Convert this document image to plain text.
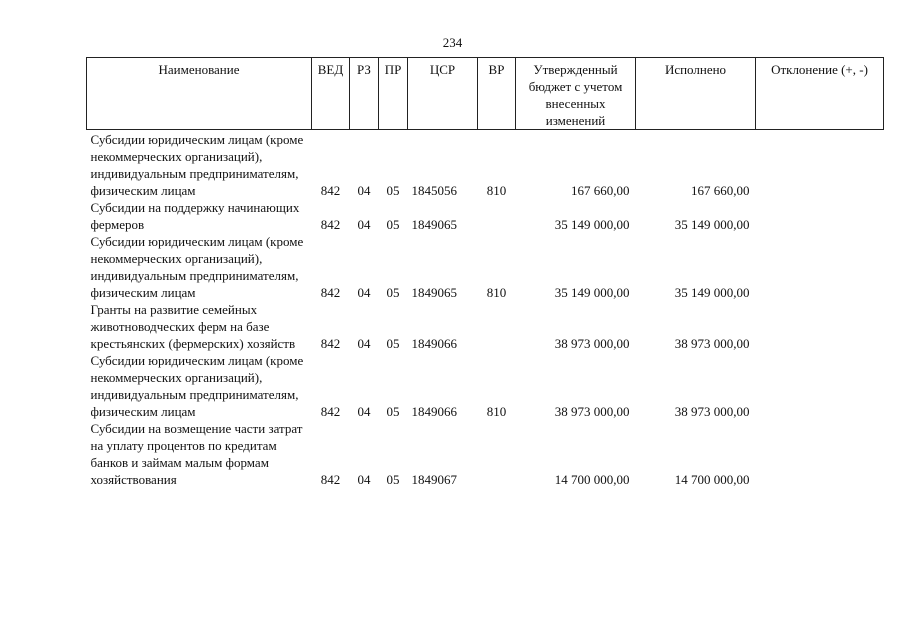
234
Наименование	ВЕД	РЗ	ПР	ЦСР	ВР	Утвержденный бюджет с учетом внесенных изменений	Исполнено	Отклонение (+, -)
Субсидии юридическим лицам (кроме некоммерческих организаций), индивидуальным предпринимателям, физическим лицам	842	04	05	1845056	810	167 660,00	167 660,00	
Субсидии на поддержку начинающих фермеров	842	04	05	1849065		35 149 000,00	35 149 000,00	
Субсидии юридическим лицам (кроме некоммерческих организаций), индивидуальным предпринимателям, физическим лицам	842	04	05	1849065	810	35 149 000,00	35 149 000,00	
Гранты на развитие семейных животноводческих ферм на базе крестьянских (фермерских) хозяйств	842	04	05	1849066		38 973 000,00	38 973 000,00	
Субсидии юридическим лицам (кроме некоммерческих организаций), индивидуальным предпринимателям, физическим лицам	842	04	05	1849066	810	38 973 000,00	38 973 000,00	
Субсидии на возмещение части затрат на уплату процентов по кредитам банков и займам малым формам хозяйствования	842	04	05	1849067		14 700 000,00	14 700 000,00	
